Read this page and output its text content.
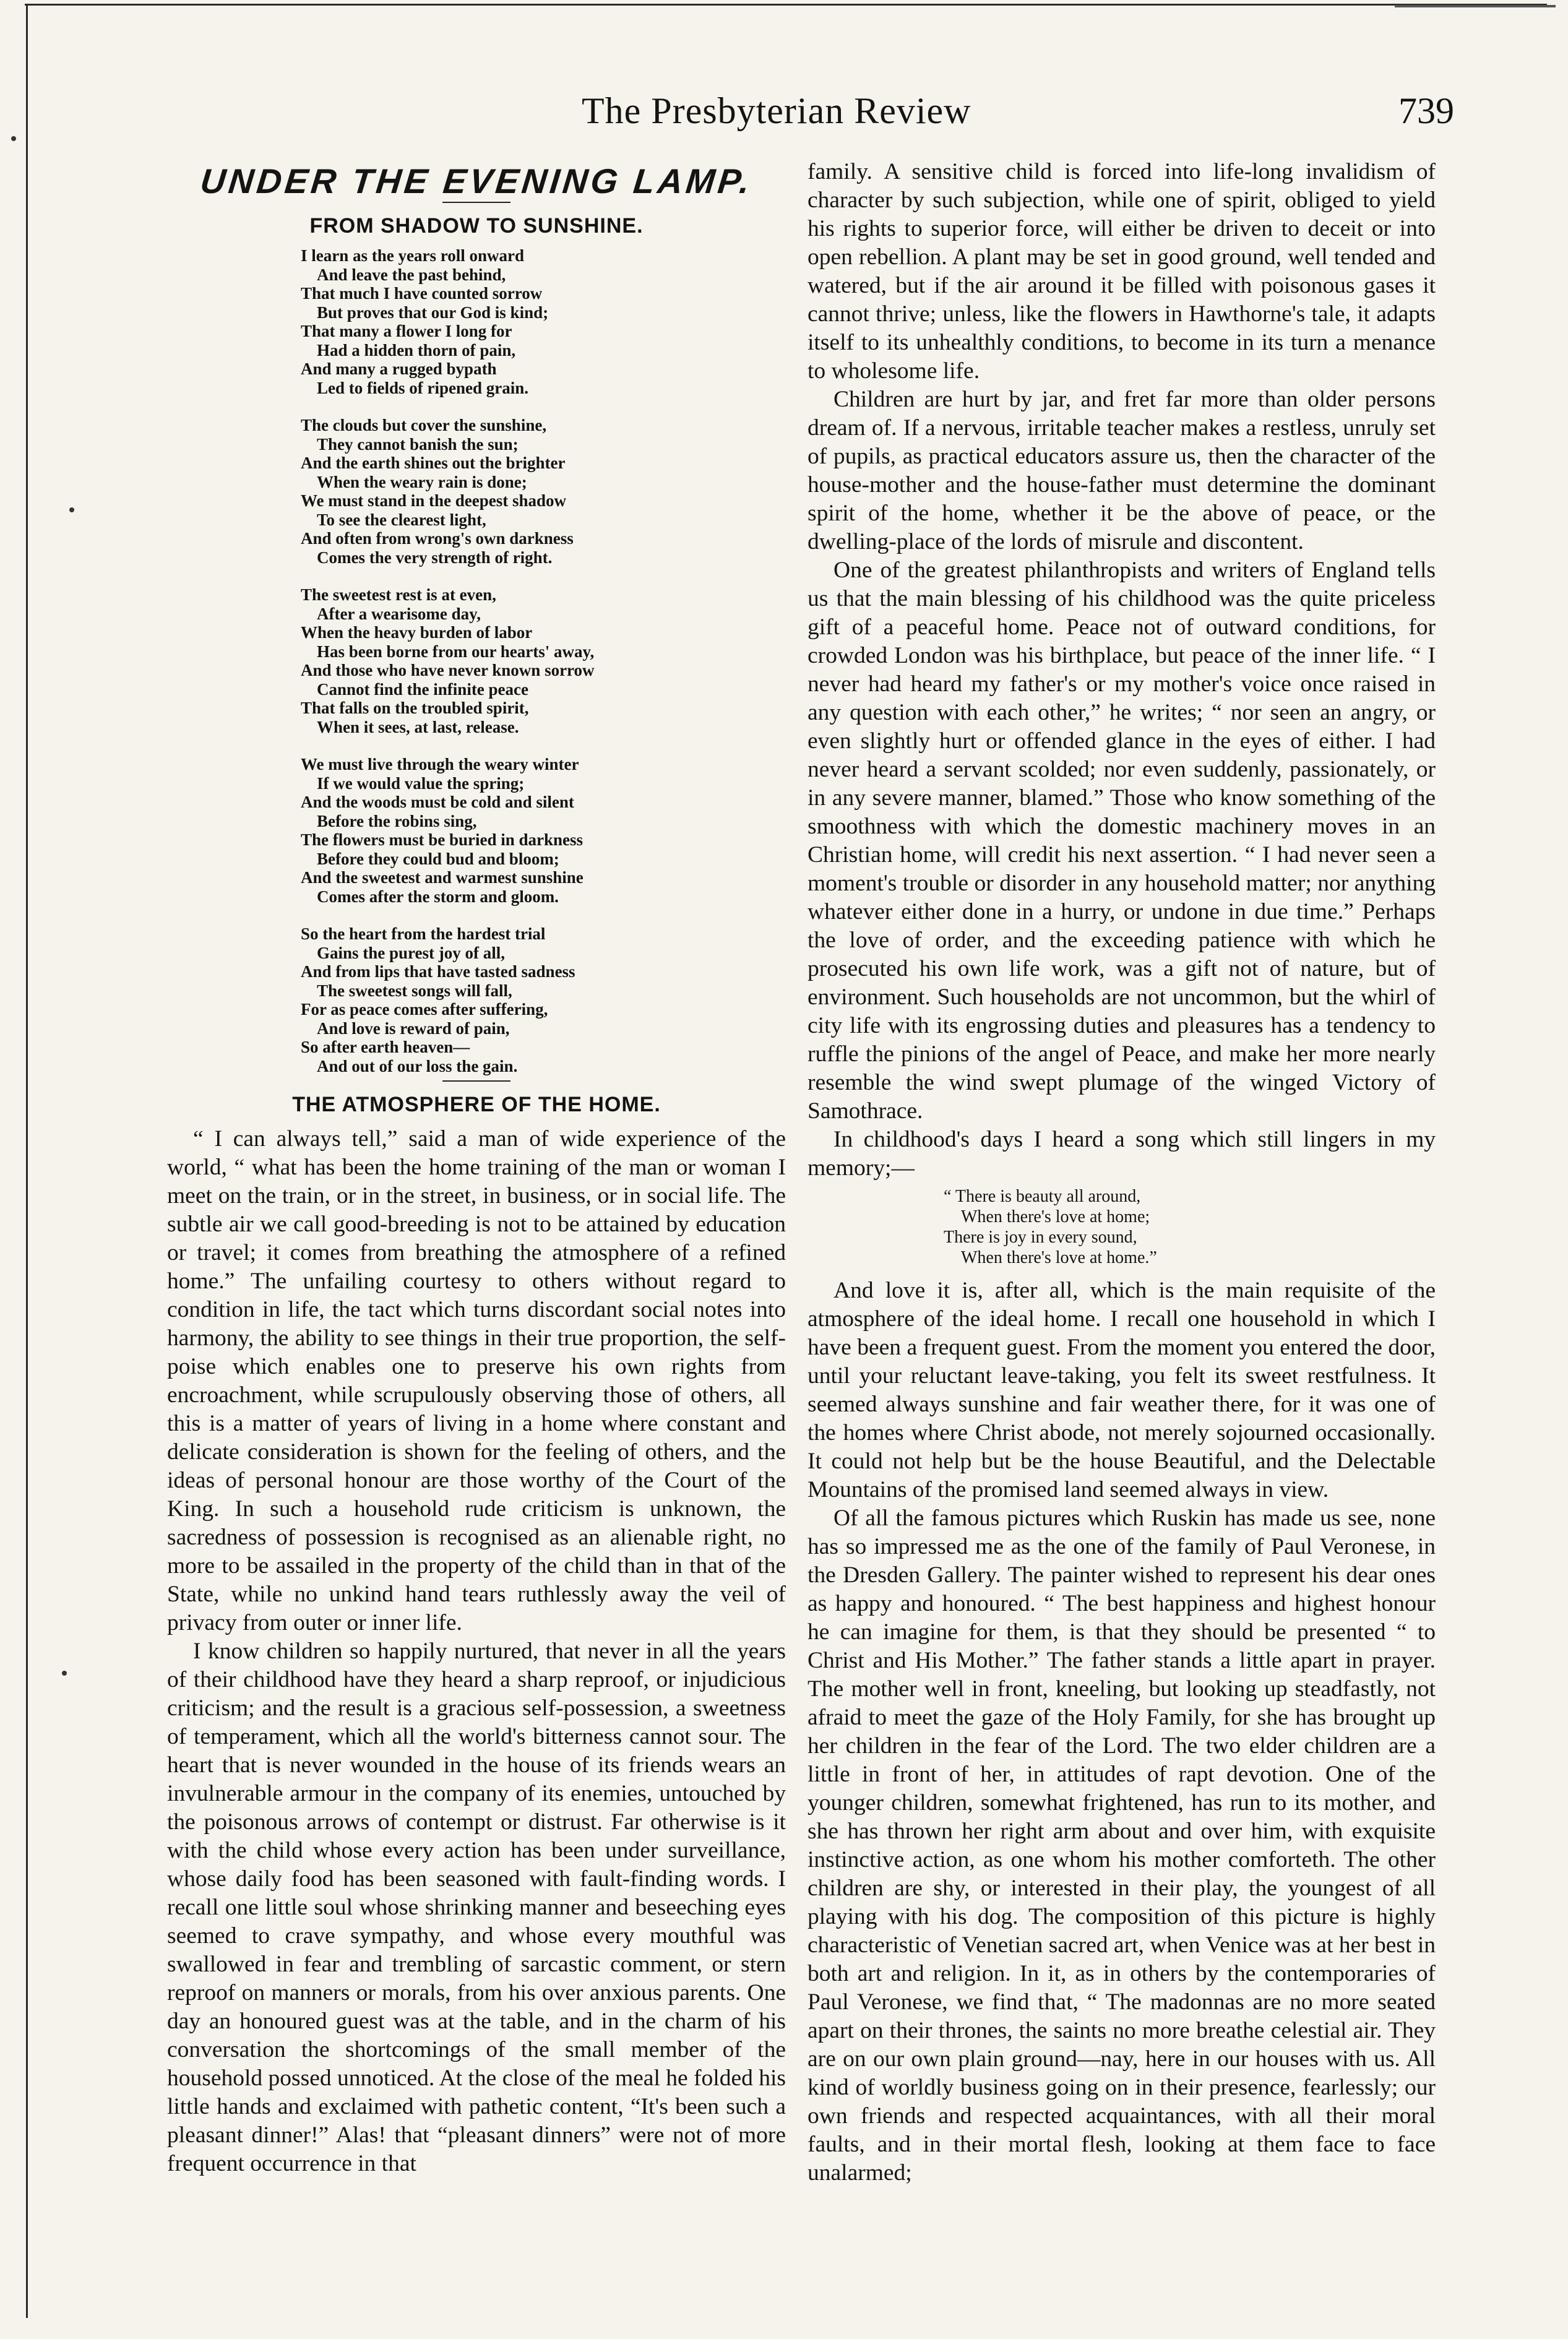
The Presbyterian Review	739
UNDER THE EVENING LAMP.
FROM SHADOW TO SUNSHINE.
I learn as the years roll onward
And leave the past behind,
That much I have counted sorrow
But proves that our God is kind;
That many a flower I long for
Had a hidden thorn of pain,
And many a rugged bypath
Led to fields of ripened grain.
The clouds but cover the sunshine,
They cannot banish the sun;
And the earth shines out the brighter
When the weary rain is done;
We must stand in the deepest shadow
To see the clearest light,
And often from wrong's own darkness
Comes the very strength of right.
The sweetest rest is at even,
After a wearisome day,
When the heavy burden of labor
Has been borne from our hearts' away,
And those who have never known sorrow
Cannot find the infinite peace
That falls on the troubled spirit,
When it sees, at last, release.
We must live through the weary winter
If we would value the spring;
And the woods must be cold and silent
Before the robins sing,
The flowers must be buried in darkness
Before they could bud and bloom;
And the sweetest and warmest sunshine
Comes after the storm and gloom.
So the heart from the hardest trial
Gains the purest joy of all,
And from lips that have tasted sadness
The sweetest songs will fall,
For as peace comes after suffering,
And love is reward of pain,
So after earth heaven—
And out of our loss the gain.
THE ATMOSPHERE OF THE HOME.

“ I can always tell,” said a man of wide experience of the world, “ what has been the home training of the man or woman I meet on the train, or in the street, in business, or in social life. The subtle air we call good-breeding is not to be attained by education or travel; it comes from breathing the atmosphere of a refined home.” The unfailing courtesy to others without regard to condition in life, the tact which turns discordant social notes into harmony, the ability to see things in their true proportion, the self-poise which enables one to preserve his own rights from encroachment, while scrupulously observing those of others, all this is a matter of years of living in a home where constant and delicate consideration is shown for the feeling of others, and the ideas of personal honour are those worthy of the Court of the King. In such a household rude criticism is unknown, the sacredness of possession is recognised as an alienable right, no more to be assailed in the property of the child than in that of the State, while no unkind hand tears ruthlessly away the veil of privacy from outer or inner life.

I know children so happily nurtured, that never in all the years of their childhood have they heard a sharp reproof, or injudicious criticism; and the result is a gracious self-possession, a sweetness of temperament, which all the world's bitterness cannot sour. The heart that is never wounded in the house of its friends wears an invulnerable armour in the company of its enemies, untouched by the poisonous arrows of contempt or distrust. Far otherwise is it with the child whose every action has been under surveillance, whose daily food has been seasoned with fault-finding words. I recall one little soul whose shrinking manner and beseeching eyes seemed to crave sympathy, and whose every mouthful was swallowed in fear and trembling of sarcastic comment, or stern reproof on manners or morals, from his over anxious parents. One day an honoured guest was at the table, and in the charm of his conversation the shortcomings of the small member of the household possed unnoticed. At the close of the meal he folded his little hands and exclaimed with pathetic content, “It's been such a pleasant dinner!” Alas! that “pleasant dinners” were not of more frequent occurrence in that

family. A sensitive child is forced into life-long invalidism of character by such subjection, while one of spirit, obliged to yield his rights to superior force, will either be driven to deceit or into open rebellion. A plant may be set in good ground, well tended and watered, but if the air around it be filled with poisonous gases it cannot thrive; unless, like the flowers in Hawthorne's tale, it adapts itself to its unhealthly conditions, to become in its turn a menance to wholesome life.

Children are hurt by jar, and fret far more than older persons dream of. If a nervous, irritable teacher makes a restless, unruly set of pupils, as practical educators assure us, then the character of the house-mother and the house-father must determine the dominant spirit of the home, whether it be the above of peace, or the dwelling-place of the lords of misrule and discontent.

One of the greatest philanthropists and writers of England tells us that the main blessing of his childhood was the quite priceless gift of a peaceful home. Peace not of outward conditions, for crowded London was his birthplace, but peace of the inner life. “ I never had heard my father's or my mother's voice once raised in any question with each other,” he writes; “ nor seen an angry, or even slightly hurt or offended glance in the eyes of either. I had never heard a servant scolded; nor even suddenly, passionately, or in any severe manner, blamed.” Those who know something of the smoothness with which the domestic machinery moves in an Christian home, will credit his next assertion. “ I had never seen a moment's trouble or disorder in any household matter; nor anything whatever either done in a hurry, or undone in due time.” Perhaps the love of order, and the exceeding patience with which he prosecuted his own life work, was a gift not of nature, but of environment. Such households are not uncommon, but the whirl of city life with its engrossing duties and pleasures has a tendency to ruffle the pinions of the angel of Peace, and make her more nearly resemble the wind swept plumage of the winged Victory of Samothrace.

In childhood's days I heard a song which still lingers in my memory;—

“ There is beauty all around,
When there's love at home;
There is joy in every sound,
When there's love at home.”

And love it is, after all, which is the main requisite of the atmosphere of the ideal home. I recall one household in which I have been a frequent guest. From the moment you entered the door, until your reluctant leave-taking, you felt its sweet restfulness. It seemed always sunshine and fair weather there, for it was one of the homes where Christ abode, not merely sojourned occasionally. It could not help but be the house Beautiful, and the Delectable Mountains of the promised land seemed always in view.

Of all the famous pictures which Ruskin has made us see, none has so impressed me as the one of the family of Paul Veronese, in the Dresden Gallery. The painter wished to represent his dear ones as happy and honoured. “ The best happiness and highest honour he can imagine for them, is that they should be presented “ to Christ and His Mother.” The father stands a little apart in prayer. The mother well in front, kneeling, but looking up steadfastly, not afraid to meet the gaze of the Holy Family, for she has brought up her children in the fear of the Lord. The two elder children are a little in front of her, in attitudes of rapt devotion. One of the younger children, somewhat frightened, has run to its mother, and she has thrown her right arm about and over him, with exquisite instinctive action, as one whom his mother comforteth. The other children are shy, or interested in their play, the youngest of all playing with his dog. The composition of this picture is highly characteristic of Venetian sacred art, when Venice was at her best in both art and religion. In it, as in others by the contemporaries of Paul Veronese, we find that, “ The madonnas are no more seated apart on their thrones, the saints no more breathe celestial air. They are on our own plain ground—nay, here in our houses with us. All kind of worldly business going on in their presence, fearlessly; our own friends and respected acquaintances, with all their moral faults, and in their mortal flesh, looking at them face to face unalarmed;
